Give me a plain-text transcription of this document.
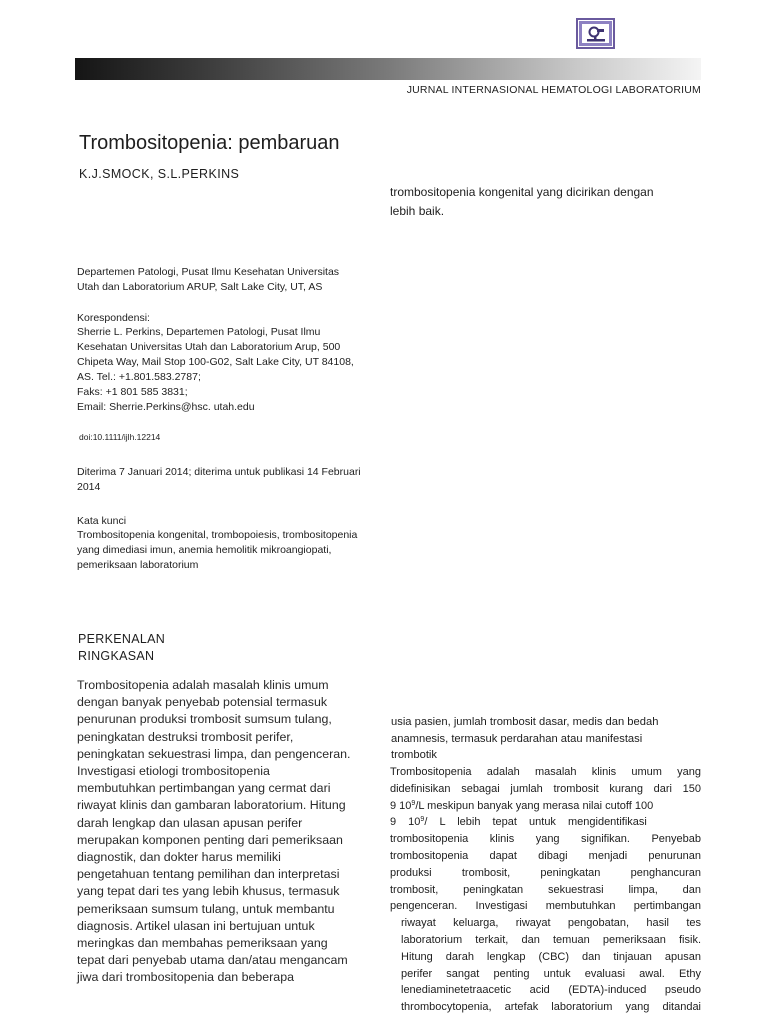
JURNAL INTERNASIONAL HEMATOLOGI LABORATORIUM
Trombositopenia: pembaruan
K.J.SMOCK, S.L.PERKINS
trombositopenia kongenital yang dicirikan dengan
lebih baik.
Departemen Patologi, Pusat Ilmu Kesehatan Universitas
Utah dan Laboratorium ARUP, Salt Lake City, UT, AS
Korespondensi:
Sherrie L. Perkins, Departemen Patologi, Pusat Ilmu
Kesehatan Universitas Utah dan Laboratorium Arup, 500
Chipeta Way, Mail Stop 100-G02, Salt Lake City, UT 84108,
AS. Tel.: +1.801.583.2787;
Faks: +1 801 585 3831;
Email: Sherrie.Perkins@hsc. utah.edu
doi:10.1111/ijlh.12214
Diterima 7 Januari 2014; diterima untuk publikasi 14 Februari
2014
Kata kunci
Trombositopenia kongenital, trombopoiesis, trombositopenia
yang dimediasi imun, anemia hemolitik mikroangiopati,
pemeriksaan laboratorium
PERKENALAN
RINGKASAN
Trombositopenia adalah masalah klinis umum
dengan banyak penyebab potensial termasuk
penurunan produksi trombosit sumsum tulang,
peningkatan destruksi trombosit perifer,
peningkatan sekuestrasi limpa, dan pengenceran.
Investigasi etiologi trombositopenia
membutuhkan pertimbangan yang cermat dari
riwayat klinis dan gambaran laboratorium. Hitung
darah lengkap dan ulasan apusan perifer
merupakan komponen penting dari pemeriksaan
diagnostik, dan dokter harus memiliki
pengetahuan tentang pemilihan dan interpretasi
yang tepat dari tes yang lebih khusus, termasuk
pemeriksaan sumsum tulang, untuk membantu
diagnosis. Artikel ulasan ini bertujuan untuk
meringkas dan membahas pemeriksaan yang
tepat dari penyebab utama dan/atau mengancam
jiwa dari trombositopenia dan beberapa
usia pasien, jumlah trombosit dasar, medis dan bedah
anamnesis, termasuk perdarahan atau manifestasi
trombotik
Trombositopenia adalah masalah klinis umum yang
didefinisikan sebagai jumlah trombosit kurang dari 150
9 $10^9/L$ meskipun banyak yang merasa nilai cutoff 100
9 $10^9/$ L lebih tepat untuk mengidentifikasi
trombositopenia klinis yang signifikan. Penyebab
trombositopenia dapat dibagi menjadi penurunan
produksi trombosit, peningkatan penghancuran
trombosit, peningkatan sekuestrasi limpa, dan
pengenceran. Investigasi membutuhkan pertimbangan
riwayat keluarga, riwayat pengobatan, hasil tes
laboratorium terkait, dan temuan pemeriksaan fisik.
Hitung darah lengkap (CBC) dan tinjauan apusan
perifer sangat penting untuk evaluasi awal. Ethy
lenediaminetetraacetic acid (EDTA)-induced pseudo
thrombocytopenia, artefak laboratorium yang ditandai
